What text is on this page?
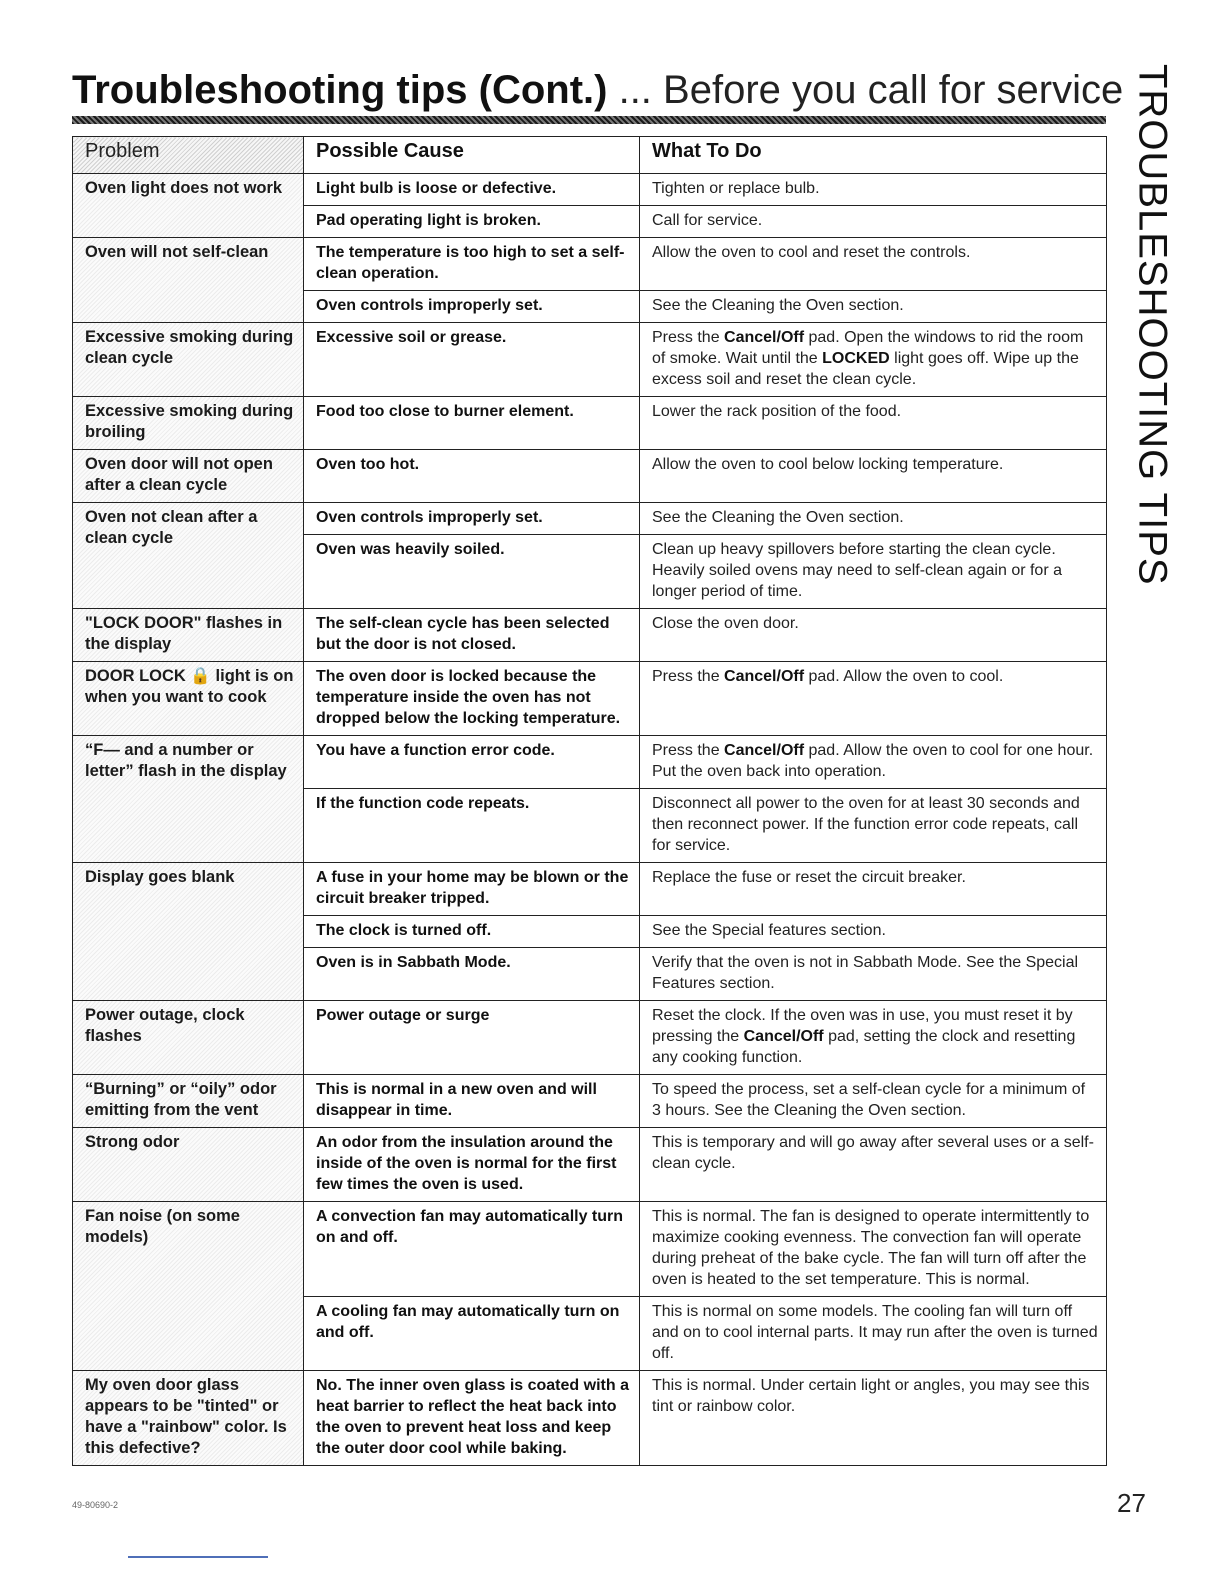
Troubleshooting tips (Cont.) ... Before you call for service TROUBLESHOOTING TIPS
Problem	Possible Cause	What To Do
Oven light does not work	Light bulb is loose or defective.	Tighten or replace bulb.
	Pad operating light is broken.	Call for service.
Oven will not self-clean	The temperature is too high to set a self-clean operation.	Allow the oven to cool and reset the controls.
	Oven controls improperly set.	See the Cleaning the Oven section.
Excessive smoking during clean cycle	Excessive soil or grease.	Press the Cancel/Off pad. Open the windows to rid the room of smoke. Wait until the LOCKED light goes off. Wipe up the excess soil and reset the clean cycle.
Excessive smoking during broiling	Food too close to burner element.	Lower the rack position of the food.
Oven door will not open after a clean cycle	Oven too hot.	Allow the oven to cool below locking temperature.
Oven not clean after a clean cycle	Oven controls improperly set.	See the Cleaning the Oven section.
	Oven was heavily soiled.	Clean up heavy spillovers before starting the clean cycle. Heavily soiled ovens may need to self-clean again or for a longer period of time.
"LOCK DOOR" flashes in the display	The self-clean cycle has been selected but the door is not closed.	Close the oven door.
DOOR LOCK 🔒 light is on when you want to cook	The oven door is locked because the temperature inside the oven has not dropped below the locking temperature.	Press the Cancel/Off pad. Allow the oven to cool.
“F— and a number or letter” flash in the display	You have a function error code.	Press the Cancel/Off pad. Allow the oven to cool for one hour. Put the oven back into operation.
	If the function code repeats.	Disconnect all power to the oven for at least 30 seconds and then reconnect power. If the function error code repeats, call for service.
Display goes blank	A fuse in your home may be blown or the circuit breaker tripped.	Replace the fuse or reset the circuit breaker.
	The clock is turned off.	See the Special features section.
	Oven is in Sabbath Mode.	Verify that the oven is not in Sabbath Mode. See the Special Features section.
Power outage, clock flashes	Power outage or surge	Reset the clock. If the oven was in use, you must reset it by pressing the Cancel/Off pad, setting the clock and resetting any cooking function.
“Burning” or “oily” odor emitting from the vent	This is normal in a new oven and will disappear in time.	To speed the process, set a self-clean cycle for a minimum of 3 hours. See the Cleaning the Oven section.
Strong odor	An odor from the insulation around the inside of the oven is normal for the first few times the oven is used.	This is temporary and will go away after several uses or a self-clean cycle.
Fan noise (on some models)	A convection fan may automatically turn on and off.	This is normal. The fan is designed to operate intermittently to maximize cooking evenness. The convection fan will operate during preheat of the bake cycle. The fan will turn off after the oven is heated to the set temperature. This is normal.
	A cooling fan may automatically turn on and off.	This is normal on some models. The cooling fan will turn off and on to cool internal parts. It may run after the oven is turned off.
My oven door glass appears to be "tinted" or have a "rainbow" color. Is this defective?	No. The inner oven glass is coated with a heat barrier to reflect the heat back into the oven to prevent heat loss and keep the outer door cool while baking.	This is normal. Under certain light or angles, you may see this tint or rainbow color.
49-80690-2	27
